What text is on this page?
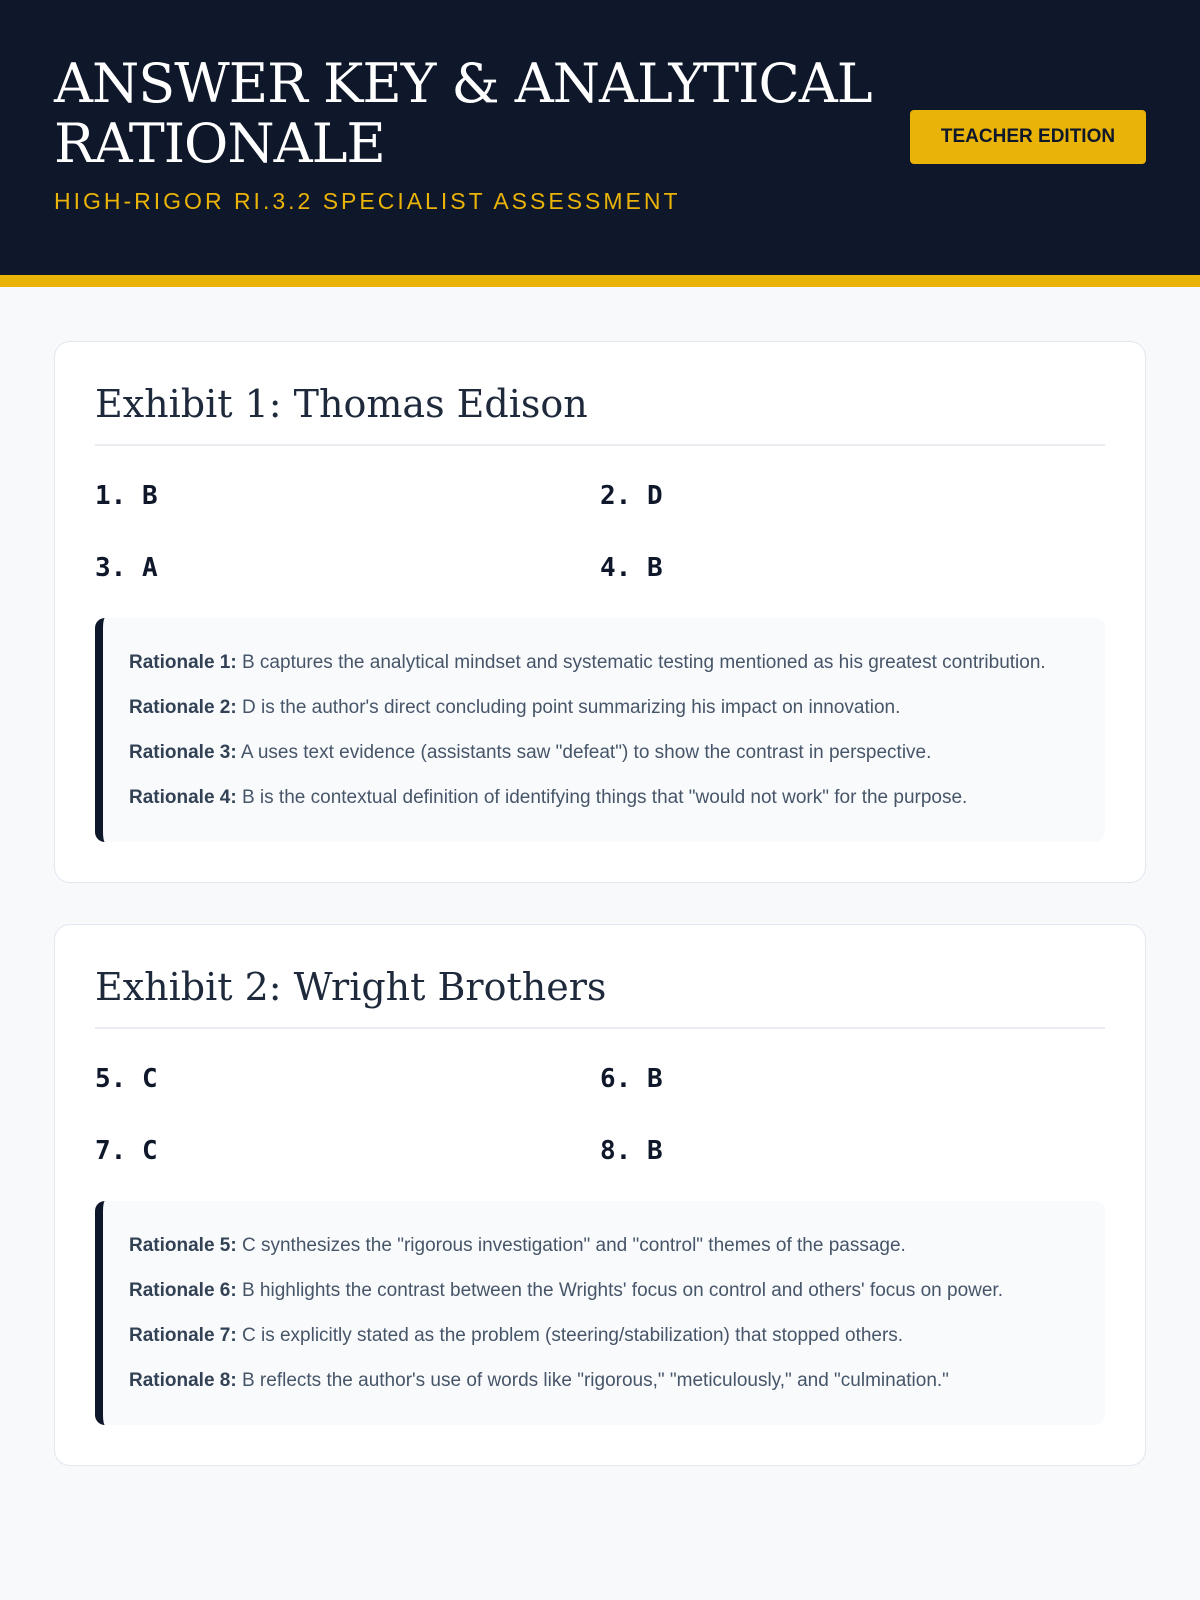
ANSWER KEY & ANALYTICAL RATIONALE
HIGH-RIGOR RI.3.2 SPECIALIST ASSESSMENT
TEACHER EDITION
Exhibit 1: Thomas Edison
1. B	2. D
3. A	4. B

Rationale 1: B captures the analytical mindset and systematic testing mentioned as his greatest contribution.

Rationale 2: D is the author's direct concluding point summarizing his impact on innovation.

Rationale 3: A uses text evidence (assistants saw "defeat") to show the contrast in perspective.

Rationale 4: B is the contextual definition of identifying things that "would not work" for the purpose.

Exhibit 2: Wright Brothers
5. C	6. B
7. C	8. B

Rationale 5: C synthesizes the "rigorous investigation" and "control" themes of the passage.

Rationale 6: B highlights the contrast between the Wrights' focus on control and others' focus on power.

Rationale 7: C is explicitly stated as the problem (steering/stabilization) that stopped others.

Rationale 8: B reflects the author's use of words like "rigorous," "meticulously," and "culmination."
